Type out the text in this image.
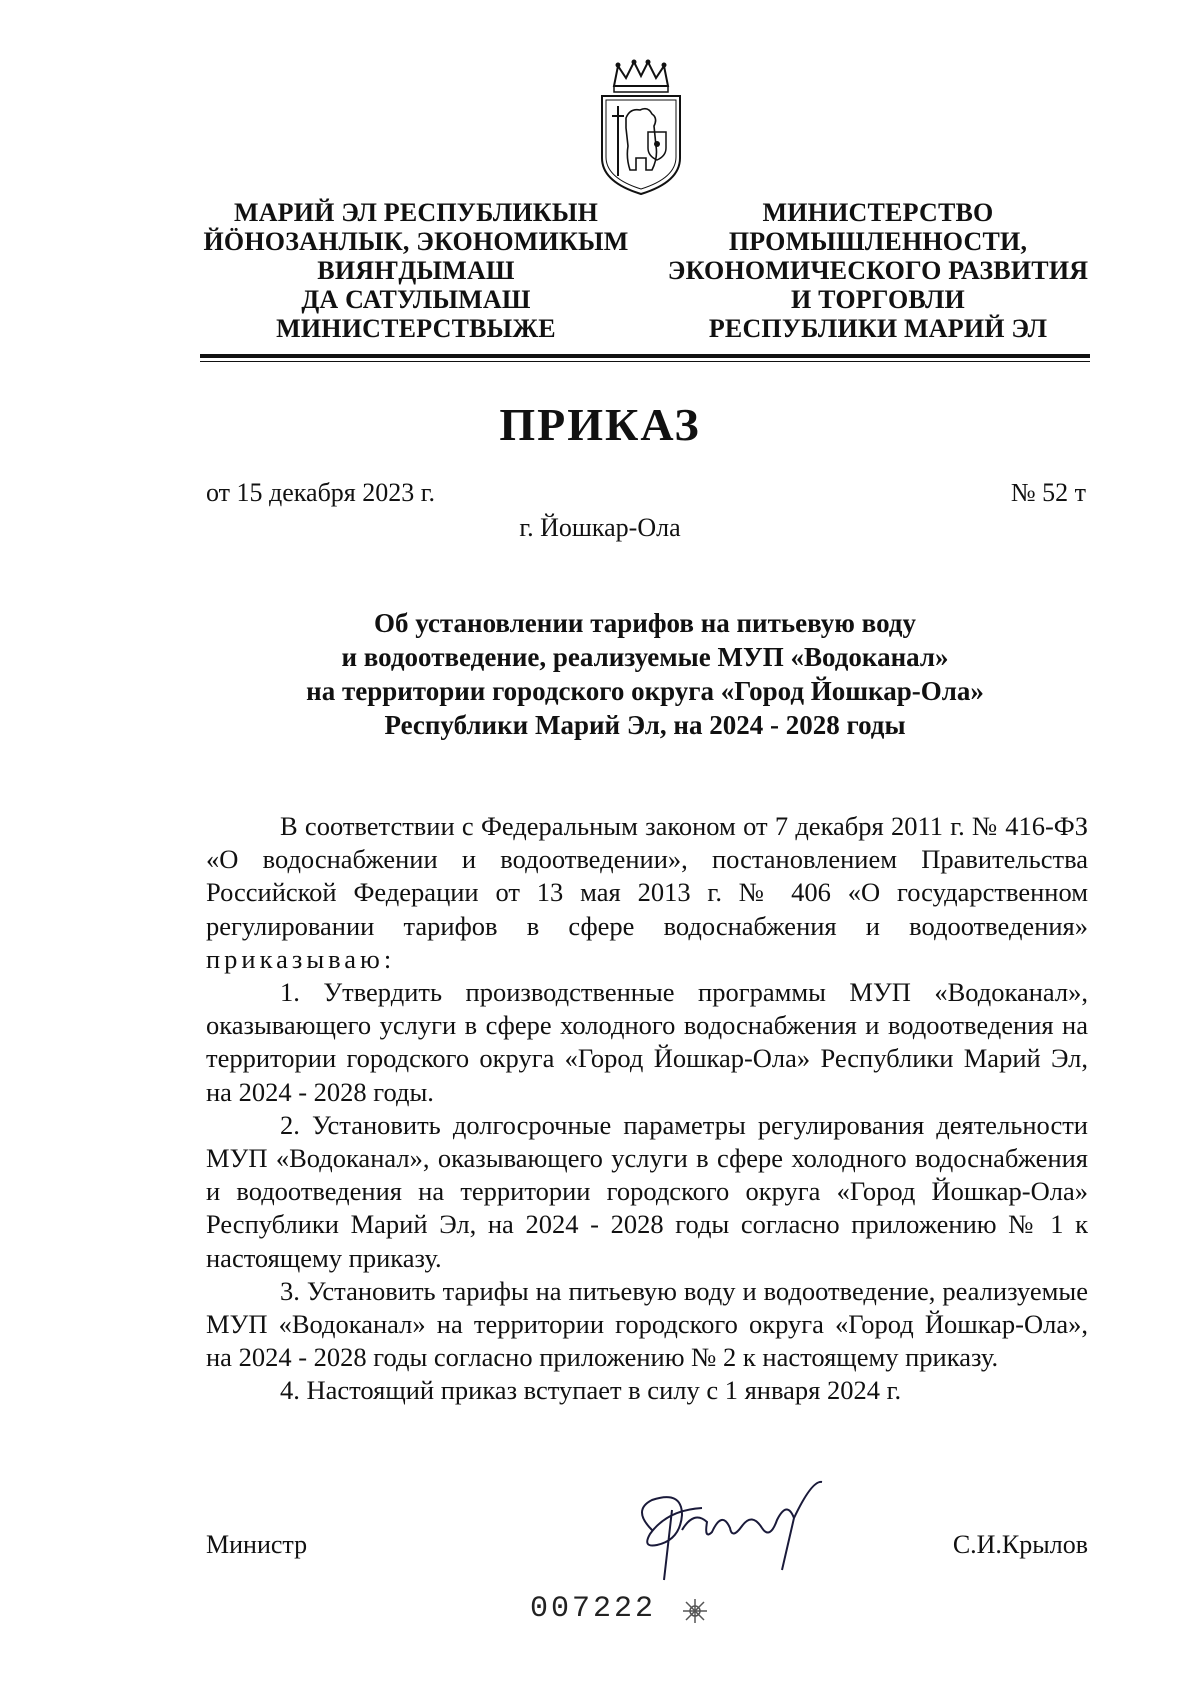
МАРИЙ ЭЛ РЕСПУБЛИКЫН
ЙӦНОЗАНЛЫК, ЭКОНОМИКЫМ
ВИЯҤДЫМАШ
ДА САТУЛЫМАШ
МИНИСТЕРСТВЫЖЕ
МИНИСТЕРСТВО
ПРОМЫШЛЕННОСТИ,
ЭКОНОМИЧЕСКОГО РАЗВИТИЯ
И ТОРГОВЛИ
РЕСПУБЛИКИ МАРИЙ ЭЛ
ПРИКАЗ
от 15 декабря 2023 г.	№ 52 т
г. Йошкар-Ола
Об установлении тарифов на питьевую воду
и водоотведение, реализуемые МУП «Водоканал»
на территории городского округа «Город Йошкар-Ола»
Республики Марий Эл, на 2024 - 2028 годы

В соответствии с Федеральным законом от 7 декабря 2011 г. № 416-ФЗ «О водоснабжении и водоотведении», постановлением Правительства Российской Федерации от 13 мая 2013 г. № 406 «О государственном регулировании тарифов в сфере водоснабжения и водоотведения» приказываю:

1. Утвердить производственные программы МУП «Водоканал», оказывающего услуги в сфере холодного водоснабжения и водоотведения на территории городского округа «Город Йошкар-Ола» Республики Марий Эл, на 2024 - 2028 годы.

2. Установить долгосрочные параметры регулирования деятельности МУП «Водоканал», оказывающего услуги в сфере холодного водоснабжения и водоотведения на территории городского округа «Город Йошкар-Ола» Республики Марий Эл, на 2024 - 2028 годы согласно приложению № 1 к настоящему приказу.

3. Установить тарифы на питьевую воду и водоотведение, реализуемые МУП «Водоканал» на территории городского округа «Город Йошкар-Ола», на 2024 - 2028 годы согласно приложению № 2 к настоящему приказу.

4. Настоящий приказ вступает в силу с 1 января 2024 г.

Министр	С.И.Крылов
007222
